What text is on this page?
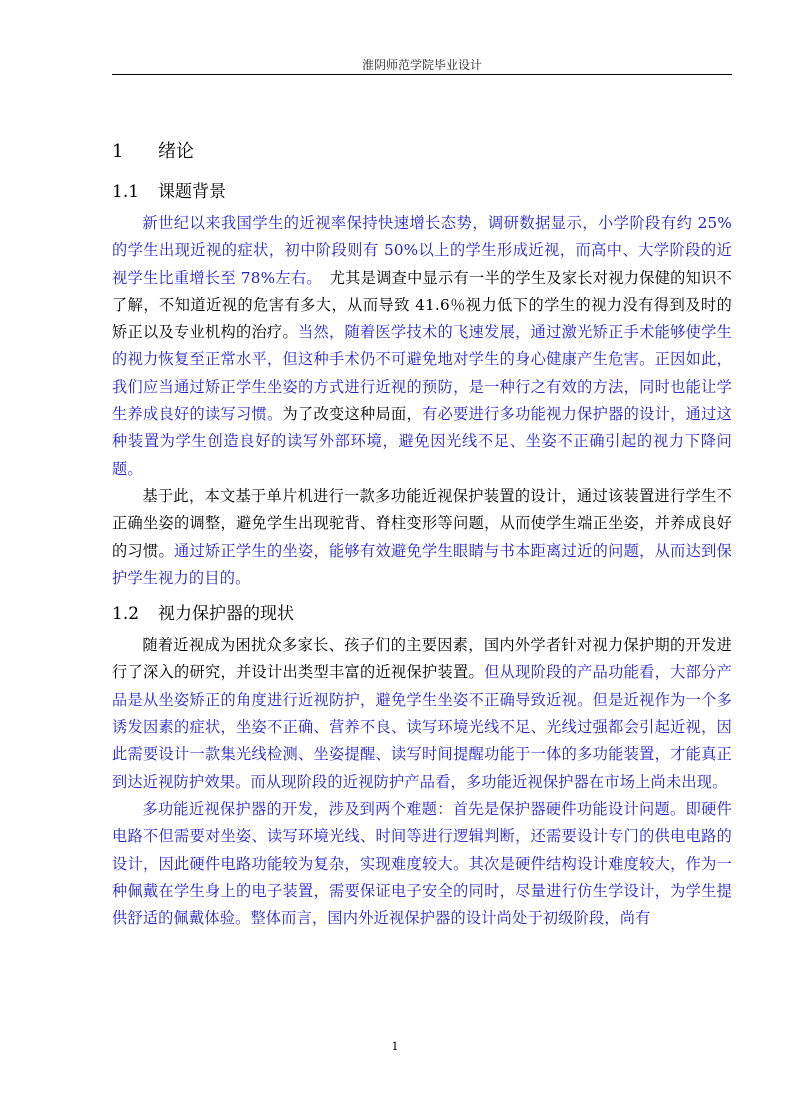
淮阴师范学院毕业设计
1 绪论
1.1 课题背景

新世纪以来我国学生的近视率保持快速增长态势，调研数据显示，小学阶段有约 25%的学生出现近视的症状，初中阶段则有 50%以上的学生形成近视，而高中、大学阶段的近视学生比重增长至 78%左右。　尤其是调查中显示有一半的学生及家长对视力保健的知识不了解，不知道近视的危害有多大，从而导致 41.6％视力低下的学生的视力没有得到及时的矫正以及专业机构的治疗。当然，随着医学技术的飞速发展，通过激光矫正手术能够使学生的视力恢复至正常水平，但这种手术仍不可避免地对学生的身心健康产生危害。正因如此，我们应当通过矫正学生坐姿的方式进行近视的预防，是一种行之有效的方法，同时也能让学生养成良好的读写习惯。为了改变这种局面，有必要进行多功能视力保护器的设计，通过这种装置为学生创造良好的读写外部环境，避免因光线不足、坐姿不正确引起的视力下降问题。

基于此，本文基于单片机进行一款多功能近视保护装置的设计，通过该装置进行学生不正确坐姿的调整，避免学生出现驼背、脊柱变形等问题，从而使学生端正坐姿，并养成良好的习惯。通过矫正学生的坐姿，能够有效避免学生眼睛与书本距离过近的问题，从而达到保护学生视力的目的。

1.2 视力保护器的现状

随着近视成为困扰众多家长、孩子们的主要因素，国内外学者针对视力保护期的开发进行了深入的研究，并设计出类型丰富的近视保护装置。但从现阶段的产品功能看，大部分产品是从坐姿矫正的角度进行近视防护，避免学生坐姿不正确导致近视。但是近视作为一个多诱发因素的症状，坐姿不正确、营养不良、读写环境光线不足、光线过强都会引起近视，因此需要设计一款集光线检测、坐姿提醒、读写时间提醒功能于一体的多功能装置，才能真正到达近视防护效果。而从现阶段的近视防护产品看，多功能近视保护器在市场上尚未出现。

多功能近视保护器的开发，涉及到两个难题：首先是保护器硬件功能设计问题。即硬件电路不但需要对坐姿、读写环境光线、时间等进行逻辑判断，还需要设计专门的供电电路的设计，因此硬件电路功能较为复杂，实现难度较大。其次是硬件结构设计难度较大，作为一种佩戴在学生身上的电子装置，需要保证电子安全的同时，尽量进行仿生学设计，为学生提供舒适的佩戴体验。整体而言，国内外近视保护器的设计尚处于初级阶段，尚有

1
